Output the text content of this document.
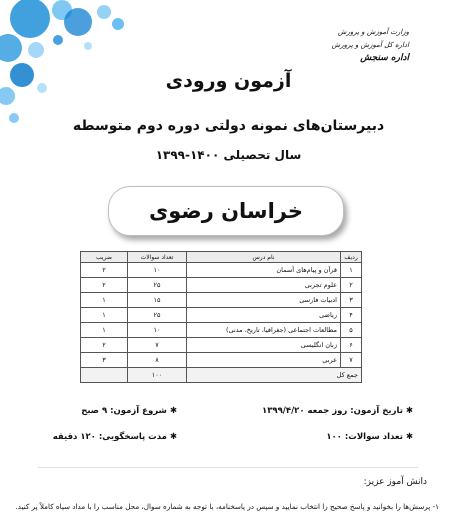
وزارت آموزش و پرورش
اداره کل آموزش و پرورش
اداره سنجش
آزمون ورودی
دبیرستان‌های نمونه دولتی دوره دوم متوسطه
سال تحصیلی ۱۴۰۰-۱۳۹۹
خراسان رضوی
ردیف	نام درس	تعداد سوالات	ضریب
۱	قرآن و پیام‌های آسمان	۱۰	۲
۲	علوم تجربی	۲۵	۲
۳	ادبیات فارسی	۱۵	۱
۴	ریاضی	۲۵	۱
۵	مطالعات اجتماعی (جغرافیا، تاریخ، مدنی)	۱۰	۱
۶	زبان انگلیسی	۷	۲
۷	عربی	۸	۳
جمع کل		۱۰۰	
✱ تاریخ آزمون: روز جمعه ۱۳۹۹/۴/۲۰
✱ شروع آزمون: ۹ صبح
✱ تعداد سوالات: ۱۰۰
✱ مدت پاسخگویی: ۱۲۰ دقیقه
دانش آموز عزیز:
۱- پرسش‌ها را بخوانید و پاسخ صحیح را انتخاب نمایید و سپس در پاسخنامه، با توجه به شماره سوال، محل مناسب را با مداد سیاه کاملاً پر کنید.
